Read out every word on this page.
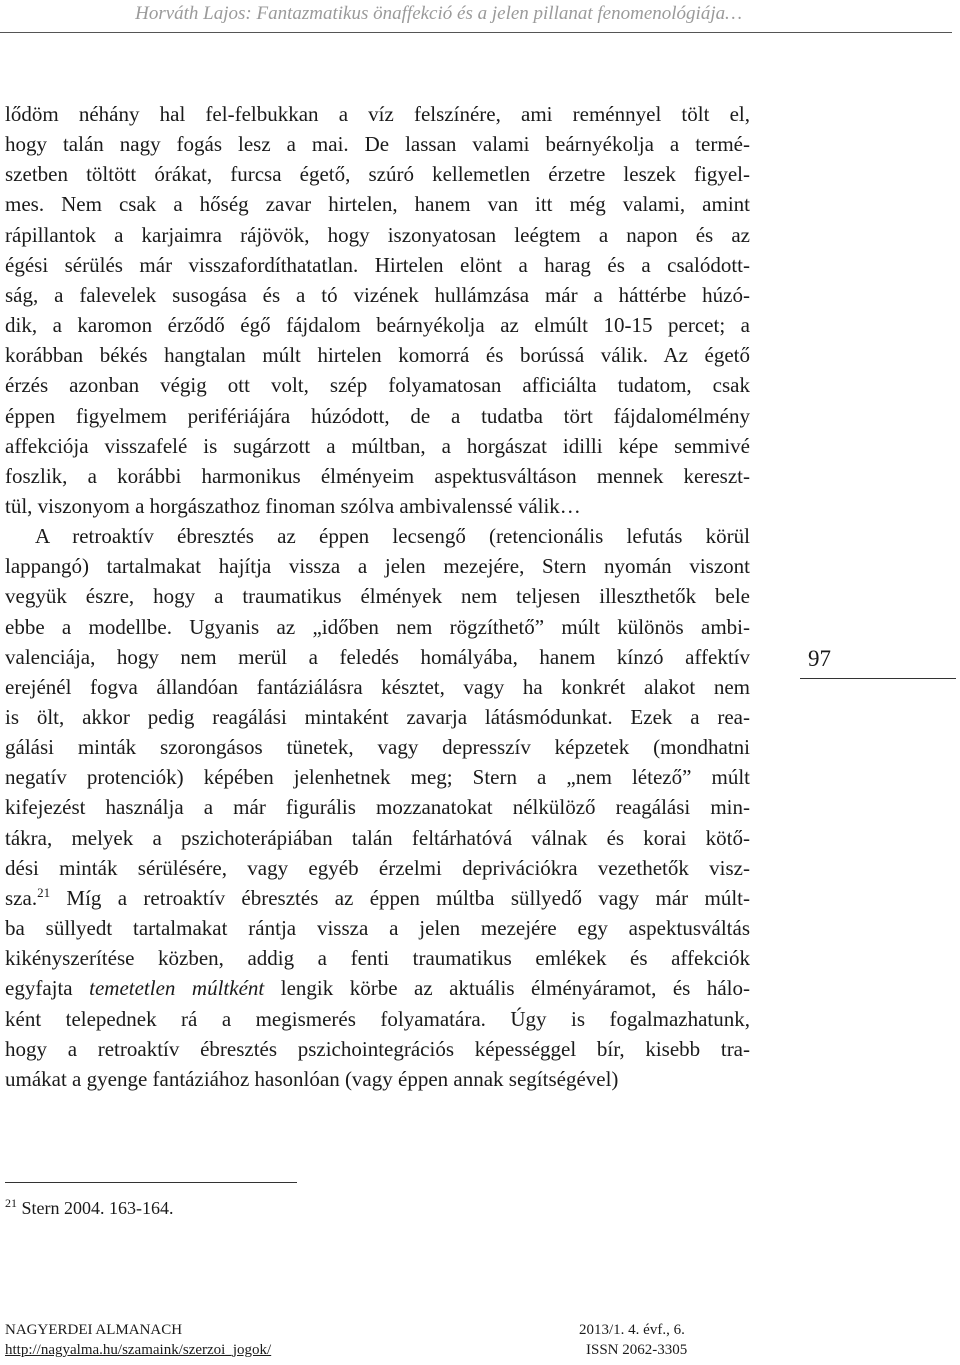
Horváth Lajos: Fantazmatikus önaffekció és a jelen pillanat fenomenológiája…
lődöm néhány hal fel-felbukkan a víz felszínére, ami reménnyel tölt el,
hogy talán nagy fogás lesz a mai. De lassan valami beárnyékolja a termé-
szetben töltött órákat, furcsa égető, szúró kellemetlen érzetre leszek figyel-
mes. Nem csak a hőség zavar hirtelen, hanem van itt még valami, amint
rápillantok a karjaimra rájövök, hogy iszonyatosan leégtem a napon és az
égési sérülés már visszafordíthatatlan. Hirtelen elönt a harag és a csalódott-
ság, a falevelek susogása és a tó vizének hullámzása már a háttérbe húzó-
dik, a karomon érződő égő fájdalom beárnyékolja az elmúlt 10-15 percet; a
korábban békés hangtalan múlt hirtelen komorrá és borússá válik. Az égető
érzés azonban végig ott volt, szép folyamatosan afficiálta tudatom, csak
éppen figyelmem perifériájára húzódott, de a tudatba tört fájdalomélmény
affekciója visszafelé is sugárzott a múltban, a horgászat idilli képe semmivé
foszlik, a korábbi harmonikus élményeim aspektusváltáson mennek kereszt-
tül, viszonyom a horgászathoz finoman szólva ambivalenssé válik…
A retroaktív ébresztés az éppen lecsengő (retencionális lefutás körül
lappangó) tartalmakat hajítja vissza a jelen mezejére, Stern nyomán viszont
vegyük észre, hogy a traumatikus élmények nem teljesen illeszthetők bele
ebbe a modellbe. Ugyanis az „időben nem rögzíthető” múlt különös ambi-
valenciája, hogy nem merül a feledés homályába, hanem kínzó affektív
erejénél fogva állandóan fantáziálásra késztet, vagy ha konkrét alakot nem
is ölt, akkor pedig reagálási mintaként zavarja látásmódunkat. Ezek a rea-
gálási minták szorongásos tünetek, vagy depresszív képzetek (mondhatni
negatív protenciók) képében jelenhetnek meg; Stern a „nem létező” múlt
kifejezést használja a már figurális mozzanatokat nélkülöző reagálási min-
tákra, melyek a pszichoterápiában talán feltárhatóvá válnak és korai kötő-
dési minták sérülésére, vagy egyéb érzelmi deprivációkra vezethetők visz-
sza.$^{21}$ Míg a retroaktív ébresztés az éppen múltba süllyedő vagy már múlt-
ba süllyedt tartalmakat rántja vissza a jelen mezejére egy aspektusváltás
kikényszerítése közben, addig a fenti traumatikus emlékek és affekciók
egyfajta temetetlen múltként lengik körbe az aktuális élményáramot, és hálo-
ként telepednek rá a megismerés folyamatára. Úgy is fogalmazhatunk,
hogy a retroaktív ébresztés pszichointegrációs képességgel bír, kisebb tra-
umákat a gyenge fantáziához hasonlóan (vagy éppen annak segítségével)
97
$^{21}$ Stern 2004. 163-164.
NAGYERDEI ALMANACH	2013/1. 4. évf., 6.
http://nagyalma.hu/szamaink/szerzoi_jogok/	ISSN 2062-3305
